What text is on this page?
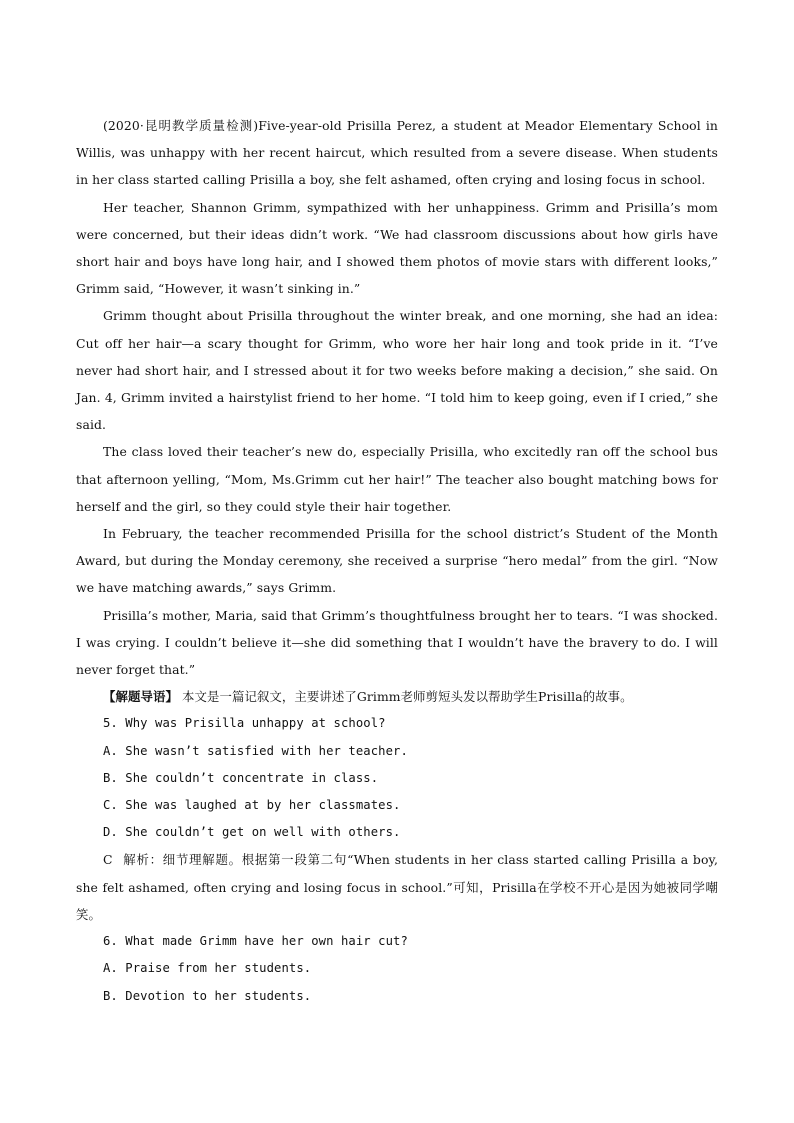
(2020·昆明教学质量检测)Five-year-old Prisilla Perez, a student at Meador Elementary School in Willis, was unhappy with her recent haircut, which resulted from a severe disease. When students in her class started calling Prisilla a boy, she felt ashamed, often crying and losing focus in school.

Her teacher, Shannon Grimm, sympathized with her unhappiness. Grimm and Prisilla’s mom were concerned, but their ideas didn’t work. “We had classroom discussions about how girls have short hair and boys have long hair, and I showed them photos of movie stars with different looks,” Grimm said, “However, it wasn’t sinking in.”

Grimm thought about Prisilla throughout the winter break, and one morning, she had an idea: Cut off her hair—a scary thought for Grimm, who wore her hair long and took pride in it. “I’ve never had short hair, and I stressed about it for two weeks before making a decision,” she said. On Jan. 4, Grimm invited a hairstylist friend to her home. “I told him to keep going, even if I cried,” she said.

The class loved their teacher’s new do, especially Prisilla, who excitedly ran off the school bus that afternoon yelling, “Mom, Ms.Grimm cut her hair!” The teacher also bought matching bows for herself and the girl, so they could style their hair together.

In February, the teacher recommended Prisilla for the school district’s Student of the Month Award, but during the Monday ceremony, she received a surprise “hero medal” from the girl. “Now we have matching awards,” says Grimm.

Prisilla’s mother, Maria, said that Grimm’s thoughtfulness brought her to tears. “I was shocked. I was crying. I couldn’t believe it—she did something that I wouldn’t have the bravery to do. I will never forget that.”

【解题导语】 本文是一篇记叙文，主要讲述了Grimm老师剪短头发以帮助学生Prisilla的故事。

5. Why was Prisilla unhappy at school?

A. She wasn’t satisfied with her teacher.

B. She couldn’t concentrate in class.

C. She was laughed at by her classmates.

D. She couldn’t get on well with others.

C 解析：细节理解题。根据第一段第二句“When students in her class started calling Prisilla a boy, she felt ashamed, often crying and losing focus in school.”可知，Prisilla在学校不开心是因为她被同学嘲笑。

6. What made Grimm have her own hair cut?

A. Praise from her students.

B. Devotion to her students.
